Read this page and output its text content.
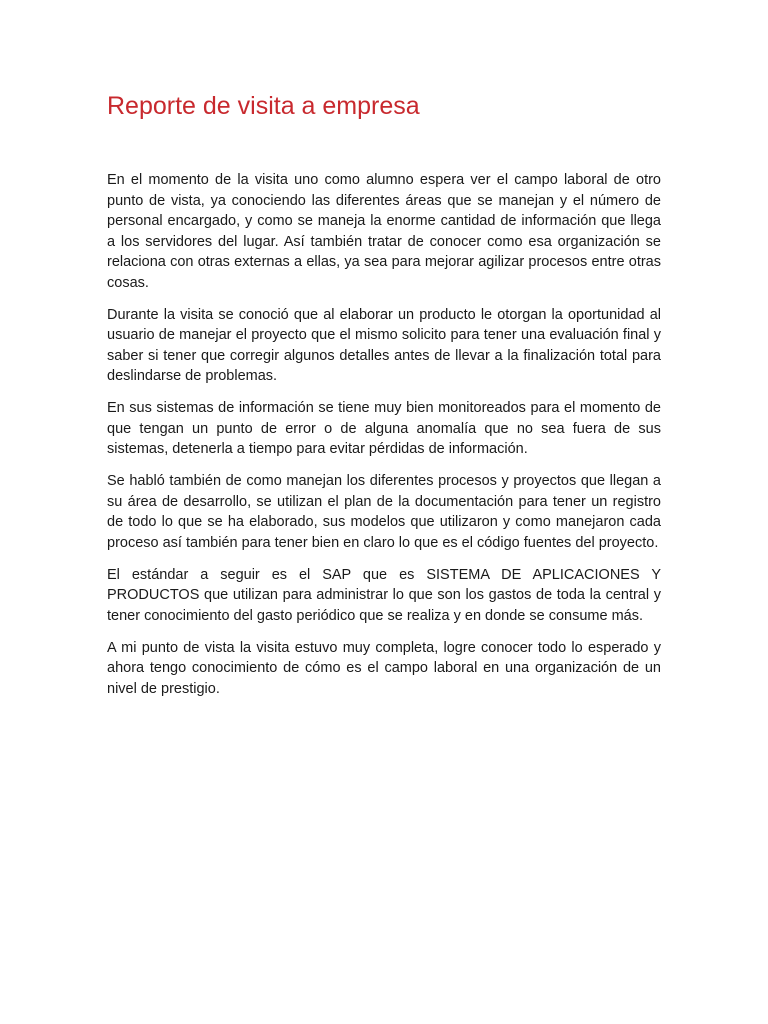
Reporte de visita a empresa

En el momento de la visita uno como alumno espera ver el campo laboral de otro punto de vista, ya conociendo las diferentes áreas que se manejan y el número de personal encargado, y como se maneja la enorme cantidad de información que llega a los servidores del lugar. Así también tratar de conocer como esa organización se relaciona con otras externas a ellas, ya sea para mejorar agilizar procesos entre otras cosas.

Durante la visita se conoció que al elaborar un producto le otorgan la oportunidad al usuario de manejar el proyecto que el mismo solicito para tener una evaluación final y saber si tener que corregir algunos detalles antes de llevar a la finalización total para deslindarse de problemas.

En sus sistemas de información se tiene muy bien monitoreados para el momento de que tengan un punto de error o de alguna anomalía que no sea fuera de sus sistemas, detenerla a tiempo para evitar pérdidas de información.

Se habló también de como manejan los diferentes procesos y proyectos que llegan a su área de desarrollo, se utilizan el plan de la documentación para tener un registro de todo lo que se ha elaborado, sus modelos que utilizaron y como manejaron cada proceso así también para tener bien en claro lo que es el código fuentes del proyecto.

El estándar a seguir es el SAP que es SISTEMA DE APLICACIONES Y PRODUCTOS que utilizan para administrar lo que son los gastos de toda la central y tener conocimiento del gasto periódico que se realiza y en donde se consume más.

A mi punto de vista la visita estuvo muy completa, logre conocer todo lo esperado y ahora tengo conocimiento de cómo es el campo laboral en una organización de un nivel de prestigio.
